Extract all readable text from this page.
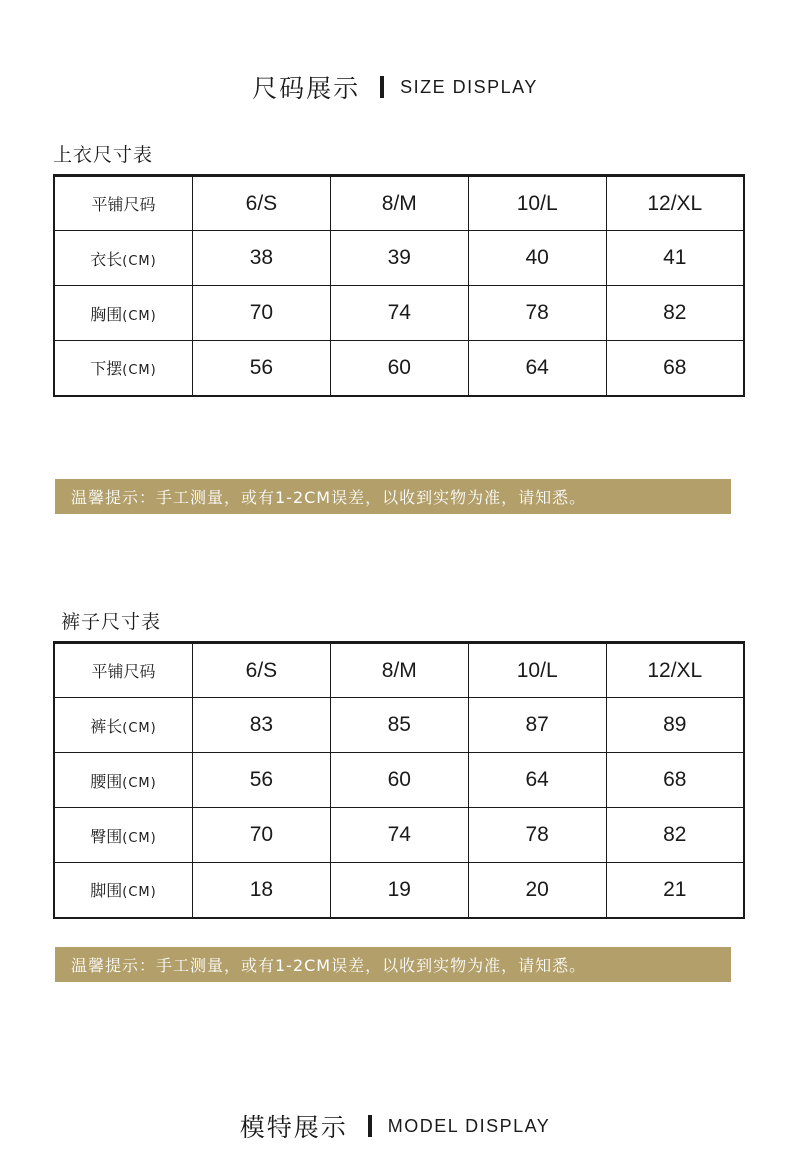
尺码展示 SIZE DISPLAY
上衣尺寸表
平铺尺码	6/S	8/M	10/L	12/XL
衣长(CM)	38	39	40	41
胸围(CM)	70	74	78	82
下摆(CM)	56	60	64	68
温馨提示：手工测量，或有1-2CM误差，以收到实物为准，请知悉。
裤子尺寸表
平铺尺码	6/S	8/M	10/L	12/XL
裤长(CM)	83	85	87	89
腰围(CM)	56	60	64	68
臀围(CM)	70	74	78	82
脚围(CM)	18	19	20	21
温馨提示：手工测量，或有1-2CM误差，以收到实物为准，请知悉。
模特展示 MODEL DISPLAY
